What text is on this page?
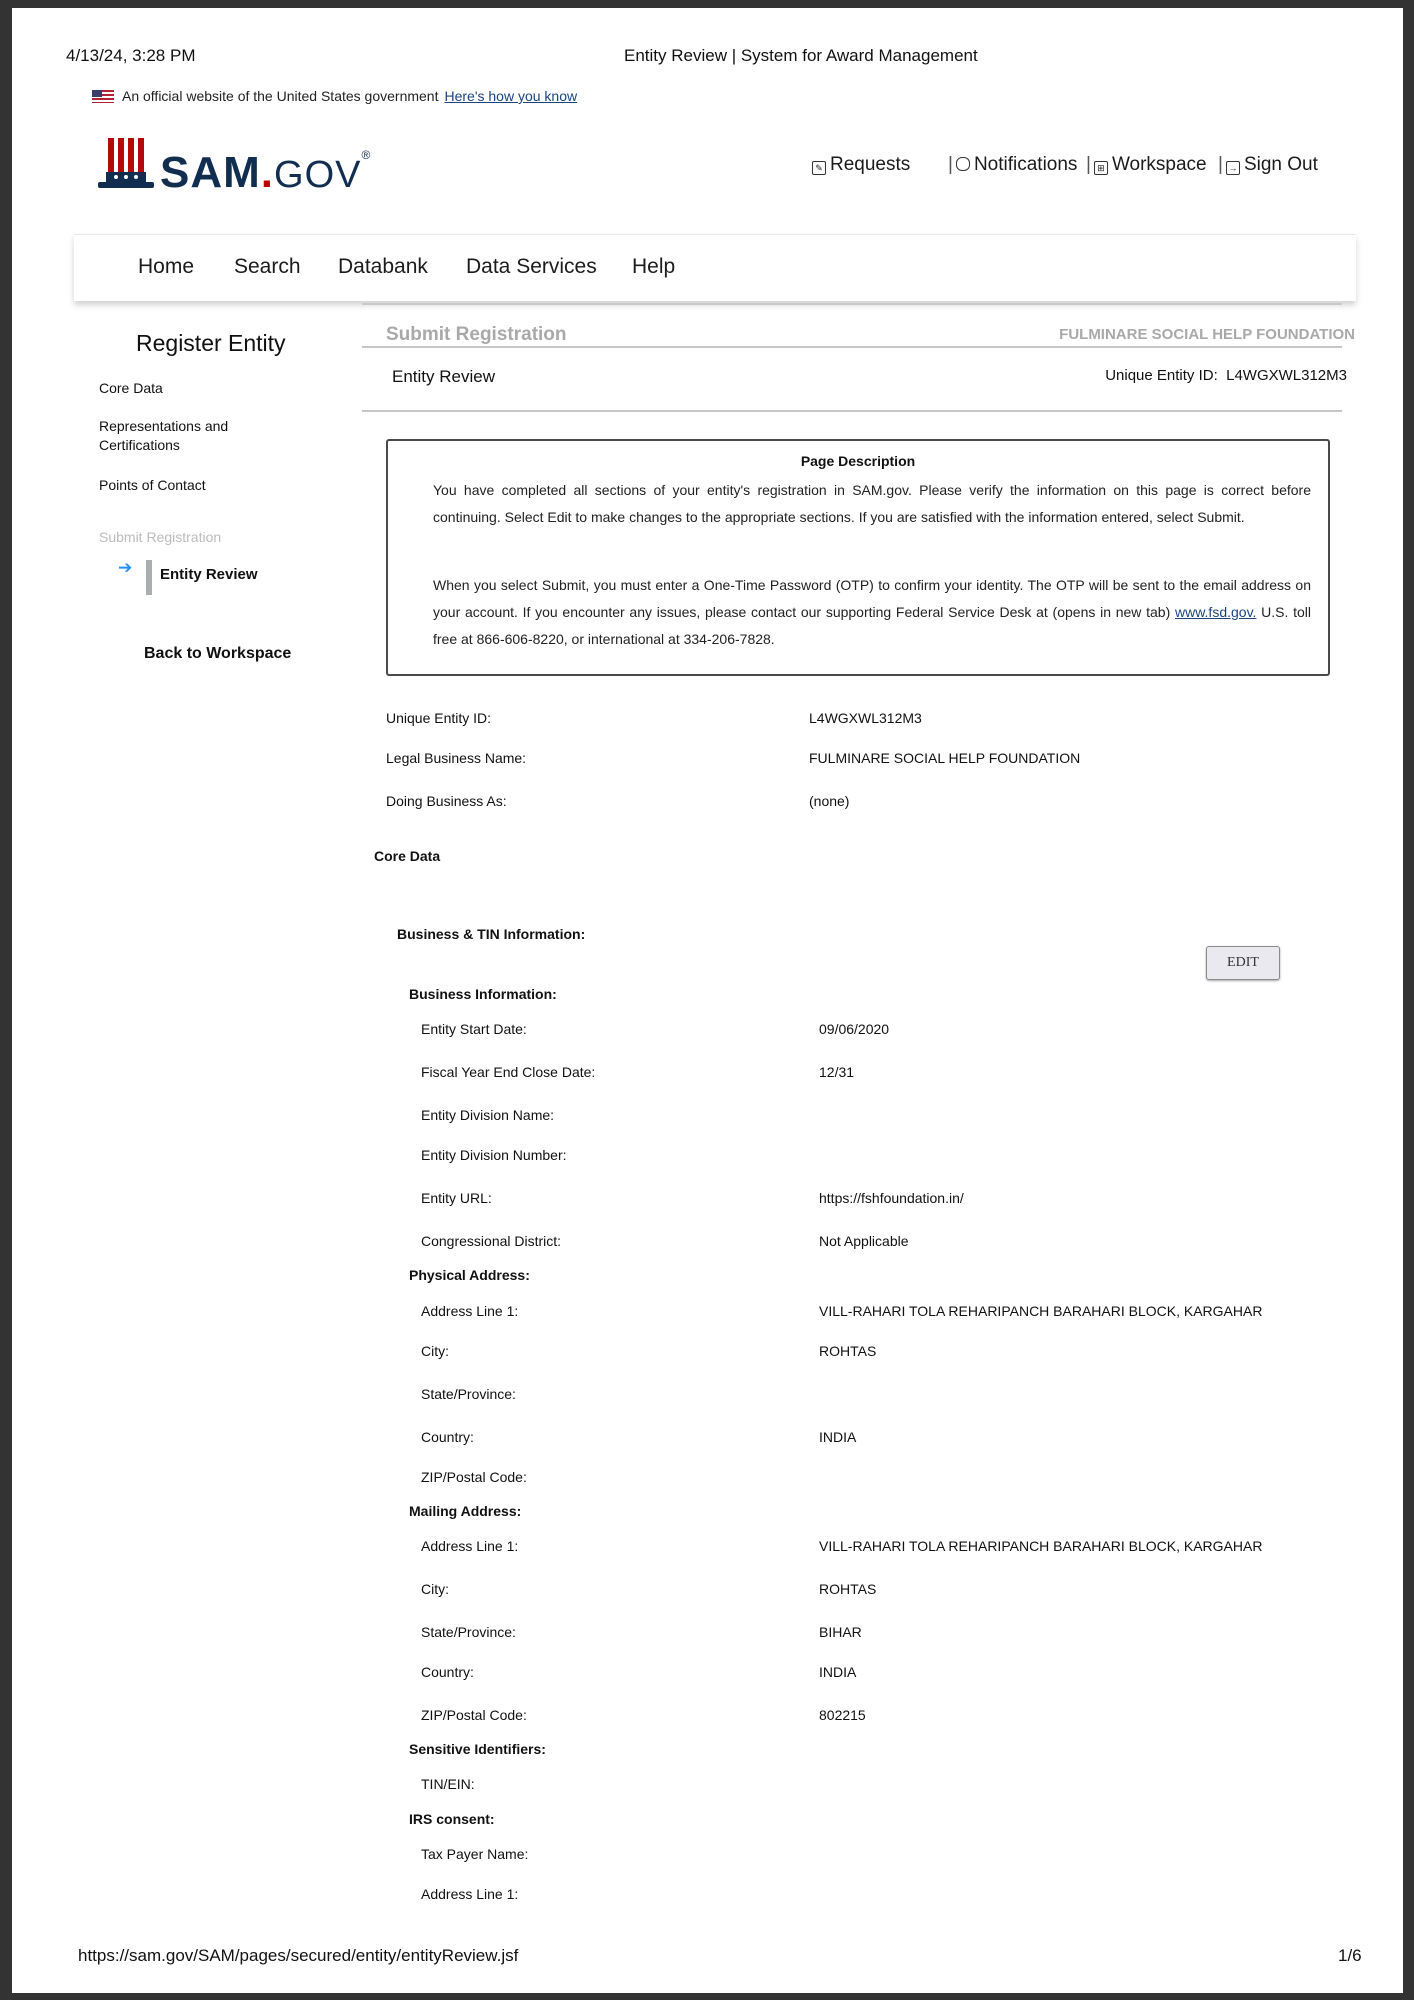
4/13/24, 3:28 PM	Entity Review | System for Award Management
An official website of the United States government Here's how you know
SAM.GOV®
✎ Requests | Notifications | ⊞ Workspace | → Sign Out
Home Search Databank Data Services Help
Register Entity
Core Data
Representations and Certifications
Points of Contact
Submit Registration
➔ Entity Review
Back to Workspace
Submit Registration	FULMINARE SOCIAL HELP FOUNDATION
Entity Review	Unique Entity ID: L4WGXWL312M3
Page Description
You have completed all sections of your entity's registration in SAM.gov. Please verify the information on this page is correct before continuing. Select Edit to make changes to the appropriate sections. If you are satisfied with the information entered, select Submit.
When you select Submit, you must enter a One-Time Password (OTP) to confirm your identity. The OTP will be sent to the email address on your account. If you encounter any issues, please contact our supporting Federal Service Desk at (opens in new tab) www.fsd.gov. U.S. toll free at 866-606-8220, or international at 334-206-7828.
Unique Entity ID:	L4WGXWL312M3
Legal Business Name:	FULMINARE SOCIAL HELP FOUNDATION
Doing Business As:	(none)
Core Data
Business & TIN Information:
EDIT
Business Information:
Entity Start Date:	09/06/2020
Fiscal Year End Close Date:	12/31
Entity Division Name:
Entity Division Number:
Entity URL:	https://fshfoundation.in/
Congressional District:	Not Applicable
Physical Address:
Address Line 1:	VILL-RAHARI TOLA REHARIPANCH BARAHARI BLOCK, KARGAHAR
City:	ROHTAS
State/Province:
Country:	INDIA
ZIP/Postal Code:
Mailing Address:
Address Line 1:	VILL-RAHARI TOLA REHARIPANCH BARAHARI BLOCK, KARGAHAR
City:	ROHTAS
State/Province:	BIHAR
Country:	INDIA
ZIP/Postal Code:	802215
Sensitive Identifiers:
TIN/EIN:
IRS consent:
Tax Payer Name:
Address Line 1:
https://sam.gov/SAM/pages/secured/entity/entityReview.jsf	1/6
